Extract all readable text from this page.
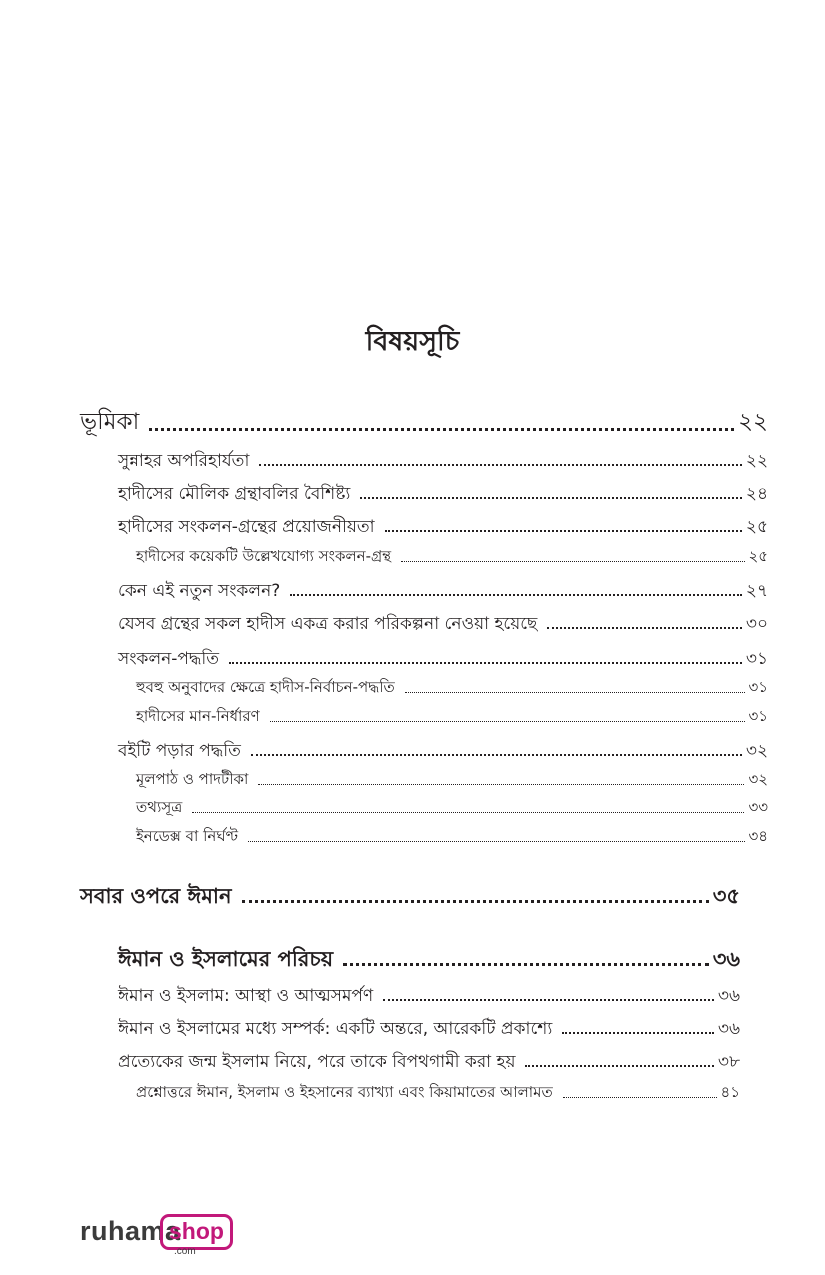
বিষয়সূচি
ভূমিকা	২২
সুন্নাহর অপরিহার্যতা	২২
হাদীসের মৌলিক গ্রন্থাবলির বৈশিষ্ট্য	২৪
হাদীসের সংকলন-গ্রন্থের প্রয়োজনীয়তা	২৫
হাদীসের কয়েকটি উল্লেখযোগ্য সংকলন-গ্রন্থ	২৫
কেন এই নতুন সংকলন?	২৭
যেসব গ্রন্থের সকল হাদীস একত্র করার পরিকল্পনা নেওয়া হয়েছে	৩০
সংকলন-পদ্ধতি	৩১
হুবহু অনুবাদের ক্ষেত্রে হাদীস-নির্বাচন-পদ্ধতি	৩১
হাদীসের মান-নির্ধারণ	৩১
বইটি পড়ার পদ্ধতি	৩২
মূলপাঠ ও পাদটীকা	৩২
তথ্যসূত্র	৩৩
ইনডেক্স বা নির্ঘণ্ট	৩৪
সবার ওপরে ঈমান	৩৫
ঈমান ও ইসলামের পরিচয়	৩৬
ঈমান ও ইসলাম: আস্থা ও আত্মসমর্পণ	৩৬
ঈমান ও ইসলামের মধ্যে সম্পর্ক: একটি অন্তরে, আরেকটি প্রকাশ্যে	৩৬
প্রত্যেকের জন্ম ইসলাম নিয়ে, পরে তাকে বিপথগামী করা হয়	৩৮
প্রশ্নোত্তরে ঈমান, ইসলাম ও ইহসানের ব্যাখ্যা এবং কিয়ামাতের আলামত	৪১
ruhama
shop
.com
